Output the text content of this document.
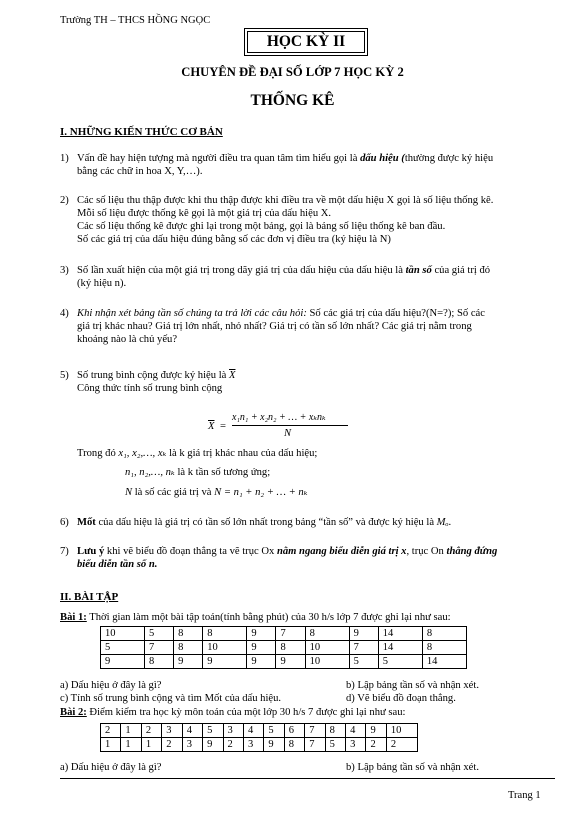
Trường TH – THCS HỒNG NGỌC
HỌC KỲ II
CHUYÊN ĐỀ ĐẠI SỐ LỚP 7 HỌC KỲ 2
THỐNG KÊ
I. NHỮNG KIẾN THỨC CƠ BẢN
1) Vấn đề hay hiện tượng mà người điều tra quan tâm tìm hiểu gọi là dấu hiệu (thường được ký hiệu
bằng các chữ in hoa X, Y,…).
2) Các số liệu thu thập được khi thu thập được khi điều tra về một dấu hiệu X gọi là số liệu thống kê.
Mỗi số liệu được thống kê gọi là một giá trị của dấu hiệu X.
Các số liệu thống kê được ghi lại trong một bảng, gọi là bảng số liệu thống kê ban đầu.
Số các giá trị của dấu hiệu đúng bằng số các đơn vị điều tra (ký hiệu là N)
3) Số lần xuất hiện của một giá trị trong dãy giá trị của dấu hiệu của dấu hiệu là tần số của giá trị đó
(ký hiệu n).
4) Khi nhận xét bảng tần số chúng ta trả lời các câu hỏi: Số các giá trị của dấu hiệu?(N=?); Số các
giá trị khác nhau? Giá trị lớn nhất, nhỏ nhất? Giá trị có tần số lớn nhất? Các giá trị nằm trong
khoảng nào là chủ yếu?
5) Số trung bình cộng được ký hiệu là $\overline{X}$
Công thức tính số trung bình cộng
$\overline{X}$ =
x₁n₁ + x₂n₂ + … + xₖnₖ
N
Trong đó x₁, x₂,…, xₖ là k giá trị khác nhau của dấu hiệu;
n₁, n₂,…, nₖ là k tần số tương ứng;
N là số các giá trị và N = n₁ + n₂ + … + nₖ
6) Mốt của dấu hiệu là giá trị có tần số lớn nhất trong bảng “tần số” và được ký hiệu là Mₒ.
7) Lưu ý khi vẽ biểu đồ đoạn thẳng ta vẽ trục Ox nằm ngang biểu diễn giá trị x, trục On thẳng đứng
biểu diễn tần số n.
II. BÀI TẬP
Bài 1: Thời gian làm một bài tập toán(tính bằng phút) của 30 h/s lớp 7 được ghi lại như sau:
10	5	8	8	9	7	8	9	14	8
5	7	8	10	9	8	10	7	14	8
9	8	9	9	9	9	10	5	5	14
a) Dấu hiệu ở đây là gì?	b) Lập bảng tần số và nhận xét.
c) Tính số trung bình cộng và tìm Mốt của dấu hiệu.	d) Vẽ biểu đồ đoạn thẳng.
Bài 2: Điểm kiểm tra học kỳ môn toán của một lớp 30 h/s 7 được ghi lại như sau:
2	1	2	3	4	5	3	4	5	6	7	8	4	9	10
1	1	1	2	3	9	2	3	9	8	7	5	3	2	2
a) Dấu hiệu ở đây là gì?	b) Lập bảng tần số và nhận xét.
Trang 1
